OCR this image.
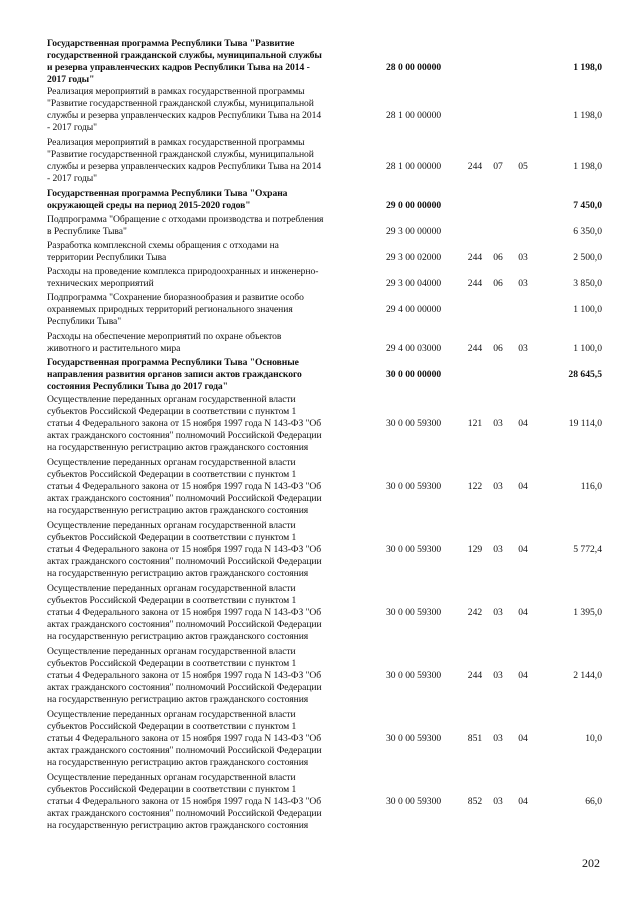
Государственная программа Республики Тыва "Развитие
государственной гражданской службы, муниципальной службы
и резерва управленческих кадров Республики Тыва на 2014 -
2017 годы"
28 0 00 00000	1 198,0
Реализация мероприятий в рамках государственной программы
"Развитие государственной гражданской службы, муниципальной
службы и резерва управленческих кадров Республики Тыва на 2014
- 2017 годы"
28 1 00 00000	1 198,0
Реализация мероприятий в рамках государственной программы
"Развитие государственной гражданской службы, муниципальной
службы и резерва управленческих кадров Республики Тыва на 2014
- 2017 годы"
28 1 00 00000	244	07	05	1 198,0
Государственная программа Республики Тыва "Охрана
окружающей среды на период 2015-2020 годов"	29 0 00 00000	7 450,0
Подпрограмма "Обращение с отходами производства и потребления
в Республике Тыва"	29 3 00 00000	6 350,0
Разработка комплексной схемы обращения с отходами на
территории Республики Тыва	29 3 00 02000	244	06	03	2 500,0
Расходы на проведение комплекса природоохранных и инженерно-
технических мероприятий	29 3 00 04000	244	06	03	3 850,0
Подпрограмма "Сохранение биоразнообразия и развитие особо
охраняемых природных территорий регионального значения
Республики Тыва"
29 4 00 00000	1 100,0
Расходы на обеспечение мероприятий по охране объектов
животного и растительного мира	29 4 00 03000	244	06	03	1 100,0
Государственная программа Республики Тыва "Основные
направления развития органов записи актов гражданского
состояния Республики Тыва до 2017 года"
30 0 00 00000	28 645,5
Осуществление переданных органам государственной власти
субъектов Российской Федерации в соответствии с пунктом 1
статьи 4 Федерального закона от 15 ноября 1997 года N 143-ФЗ "Об
актах гражданского состояния" полномочий Российской Федерации
на государственную регистрацию актов гражданского состояния
30 0 00 59300	121	03	04	19 114,0
Осуществление переданных органам государственной власти
субъектов Российской Федерации в соответствии с пунктом 1
статьи 4 Федерального закона от 15 ноября 1997 года N 143-ФЗ "Об
актах гражданского состояния" полномочий Российской Федерации
на государственную регистрацию актов гражданского состояния
30 0 00 59300	122	03	04	116,0
Осуществление переданных органам государственной власти
субъектов Российской Федерации в соответствии с пунктом 1
статьи 4 Федерального закона от 15 ноября 1997 года N 143-ФЗ "Об
актах гражданского состояния" полномочий Российской Федерации
на государственную регистрацию актов гражданского состояния
30 0 00 59300	129	03	04	5 772,4
Осуществление переданных органам государственной власти
субъектов Российской Федерации в соответствии с пунктом 1
статьи 4 Федерального закона от 15 ноября 1997 года N 143-ФЗ "Об
актах гражданского состояния" полномочий Российской Федерации
на государственную регистрацию актов гражданского состояния
30 0 00 59300	242	03	04	1 395,0
Осуществление переданных органам государственной власти
субъектов Российской Федерации в соответствии с пунктом 1
статьи 4 Федерального закона от 15 ноября 1997 года N 143-ФЗ "Об
актах гражданского состояния" полномочий Российской Федерации
на государственную регистрацию актов гражданского состояния
30 0 00 59300	244	03	04	2 144,0
Осуществление переданных органам государственной власти
субъектов Российской Федерации в соответствии с пунктом 1
статьи 4 Федерального закона от 15 ноября 1997 года N 143-ФЗ "Об
актах гражданского состояния" полномочий Российской Федерации
на государственную регистрацию актов гражданского состояния
30 0 00 59300	851	03	04	10,0
Осуществление переданных органам государственной власти
субъектов Российской Федерации в соответствии с пунктом 1
статьи 4 Федерального закона от 15 ноября 1997 года N 143-ФЗ "Об
актах гражданского состояния" полномочий Российской Федерации
на государственную регистрацию актов гражданского состояния
30 0 00 59300	852	03	04	66,0
202
